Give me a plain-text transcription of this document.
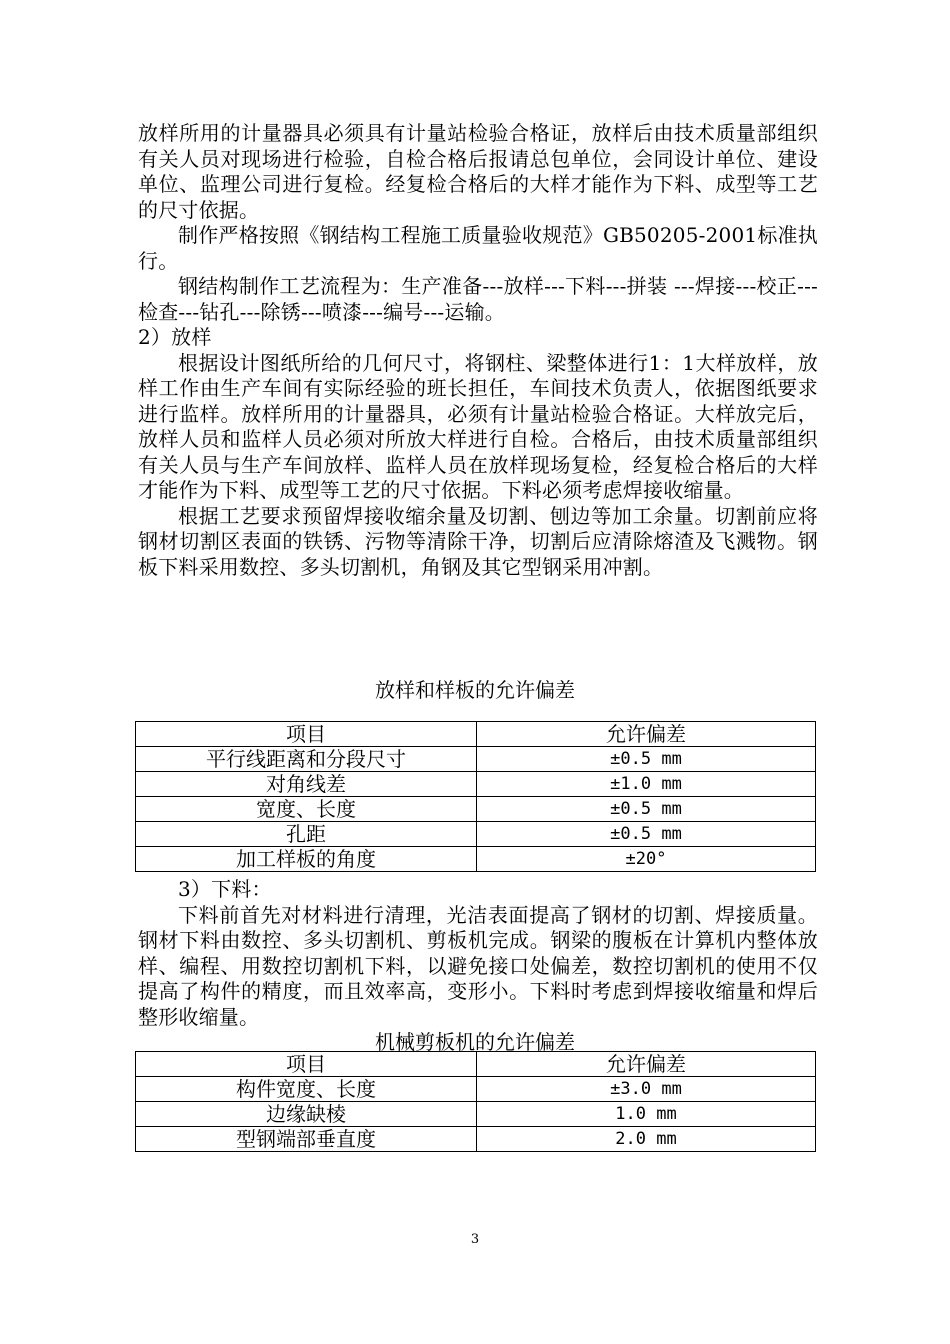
放样所用的计量器具必须具有计量站检验合格证，放样后由技术质量部组织有关人员对现场进行检验，自检合格后报请总包单位，会同设计单位、建设单位、监理公司进行复检。经复检合格后的大样才能作为下料、成型等工艺的尺寸依据。

制作严格按照《钢结构工程施工质量验收规范》GB50205-2001标准执行。

钢结构制作工艺流程为：生产准备---放样---下料---拼装 ---焊接---校正---检查---钻孔---除锈---喷漆---编号---运输。

2）放样

根据设计图纸所给的几何尺寸，将钢柱、梁整体进行1：1大样放样，放样工作由生产车间有实际经验的班长担任，车间技术负责人，依据图纸要求进行监样。放样所用的计量器具，必须有计量站检验合格证。大样放完后，放样人员和监样人员必须对所放大样进行自检。合格后，由技术质量部组织有关人员与生产车间放样、监样人员在放样现场复检，经复检合格后的大样才能作为下料、成型等工艺的尺寸依据。下料必须考虑焊接收缩量。

根据工艺要求预留焊接收缩余量及切割、刨边等加工余量。切割前应将钢材切割区表面的铁锈、污物等清除干净，切割后应清除熔渣及飞溅物。钢板下料采用数控、多头切割机，角钢及其它型钢采用冲割。

放样和样板的允许偏差
项目	允许偏差
平行线距离和分段尺寸	±0.5 mm
对角线差	±1.0 mm
宽度、长度	±0.5 mm
孔距	±0.5 mm
加工样板的角度	±20°

3）下料：

下料前首先对材料进行清理，光洁表面提高了钢材的切割、焊接质量。钢材下料由数控、多头切割机、剪板机完成。钢梁的腹板在计算机内整体放样、编程、用数控切割机下料，以避免接口处偏差，数控切割机的使用不仅提高了构件的精度，而且效率高，变形小。下料时考虑到焊接收缩量和焊后整形收缩量。

机械剪板机的允许偏差
项目	允许偏差
构件宽度、长度	±3.0 mm
边缘缺棱	1.0 mm
型钢端部垂直度	2.0 mm
3
